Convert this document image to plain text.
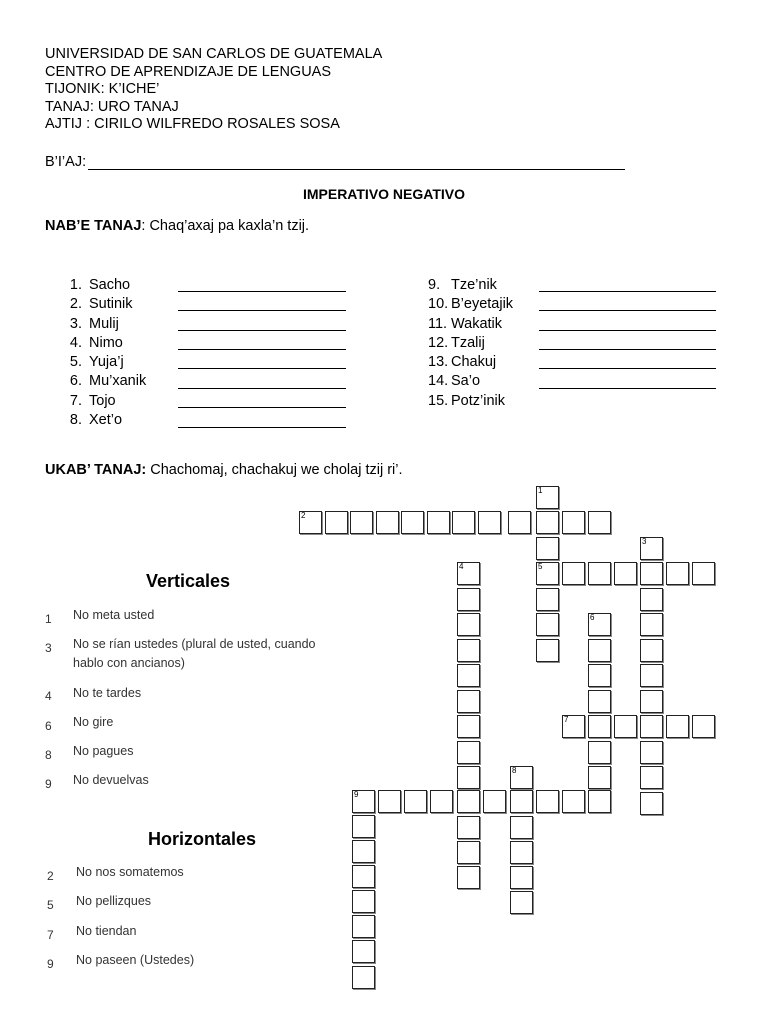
UNIVERSIDAD DE SAN CARLOS DE GUATEMALA
CENTRO DE APRENDIZAJE DE LENGUAS
TIJONIK: K’ICHE’
TANAJ: URO TANAJ
AJTIJ : CIRILO WILFREDO ROSALES SOSA
B’I’AJ:
IMPERATIVO NEGATIVO
NAB’E TANAJ: Chaq’axaj pa kaxla’n tzij.
1. Sacho
2. Sutinik
3. Mulij
4. Nimo
5. Yuja’j
6. Mu’xanik
7. Tojo
8. Xet’o
9. Tze’nik
10. B’eyetajik
11. Wakatik
12. Tzalij
13. Chakuj
14. Sa’o
15. Potz’inik
UKAB’ TANAJ: Chachomaj, chachakuj we cholaj tzij ri’.
Verticales
1 No meta usted
3 No se rían ustedes (plural de usted, cuando hablo con ancianos)
4 No te tardes
6 No gire
8 No pagues
9 No devuelvas
Horizontales
2 No nos somatemos
5 No pellizques
7 No tiendan
9 No paseen (Ustedes)
2
1
5
3
4
6
7
8
9
